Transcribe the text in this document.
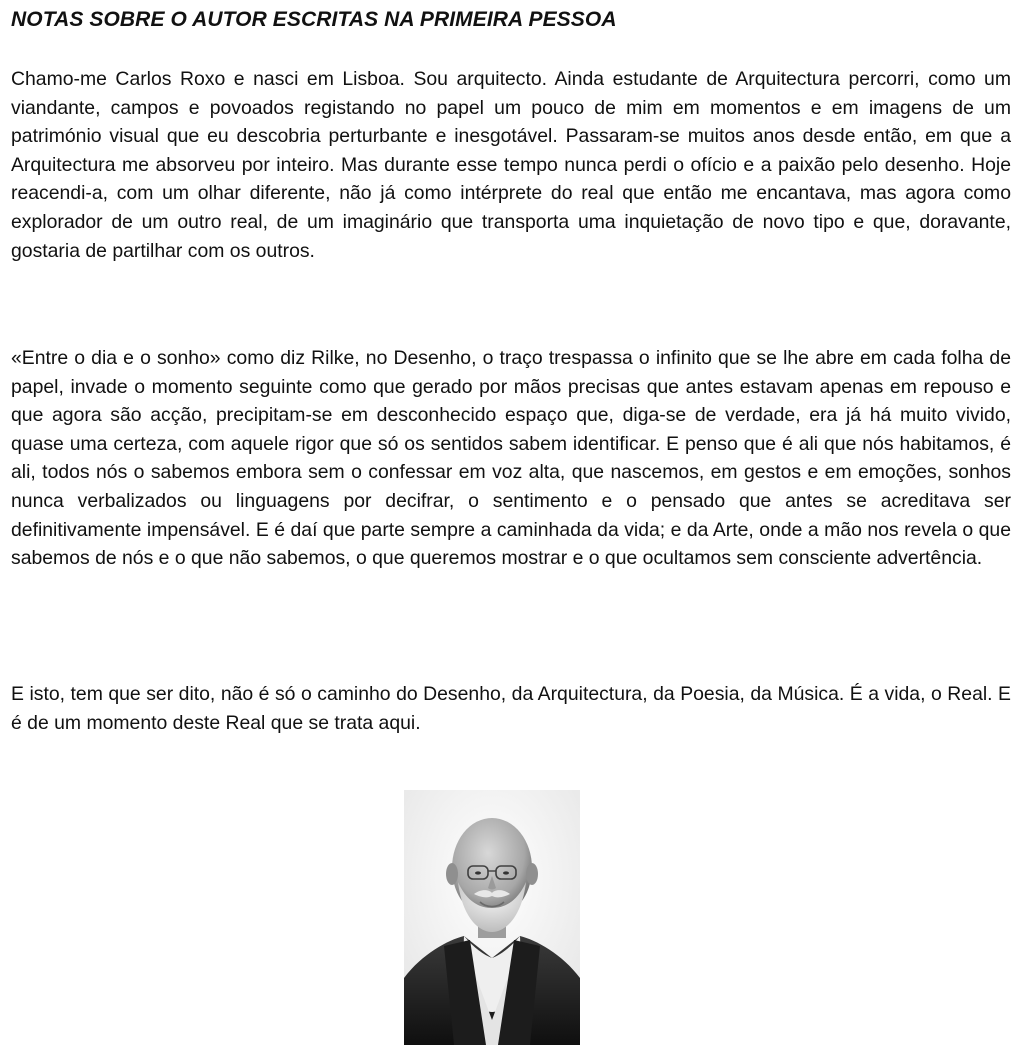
NOTAS SOBRE O AUTOR ESCRITAS NA PRIMEIRA PESSOA

Chamo-me Carlos Roxo e nasci em Lisboa. Sou arquitecto. Ainda estudante de Arquitectura percorri, como um viandante, campos e povoados registando no papel um pouco de mim em momentos e em imagens de um património visual que eu descobria perturbante e inesgotável. Passaram-se muitos anos desde então, em que a Arquitectura me absorveu por inteiro. Mas durante esse tempo nunca perdi o ofício e a paixão pelo desenho. Hoje reacendi-a, com um olhar diferente, não já como intérprete do real que então me encantava, mas agora como explorador de um outro real, de um imaginário que transporta uma inquietação de novo tipo e que, doravante, gostaria de partilhar com os outros.

«Entre o dia e o sonho» como diz Rilke, no Desenho, o traço trespassa o infinito que se lhe abre em cada folha de papel, invade o momento seguinte como que gerado por mãos precisas que antes estavam apenas em repouso e que agora são acção, precipitam-se em desconhecido espaço que, diga-se de verdade, era já há muito vivido, quase uma certeza, com aquele rigor que só os sentidos sabem identificar. E penso que é ali que nós habitamos, é ali, todos nós o sabemos embora sem o confessar em voz alta, que nascemos, em gestos e em emoções, sonhos nunca verbalizados ou linguagens por decifrar, o sentimento e o pensado que antes se acreditava ser definitivamente impensável. E é daí que parte sempre a caminhada da vida; e da Arte, onde a mão nos revela o que sabemos de nós e o que não sabemos, o que queremos mostrar e o que ocultamos sem consciente advertência.

E isto, tem que ser dito, não é só o caminho do Desenho, da Arquitectura, da Poesia, da Música. É a vida, o Real. E é de um momento deste Real que se trata aqui.
